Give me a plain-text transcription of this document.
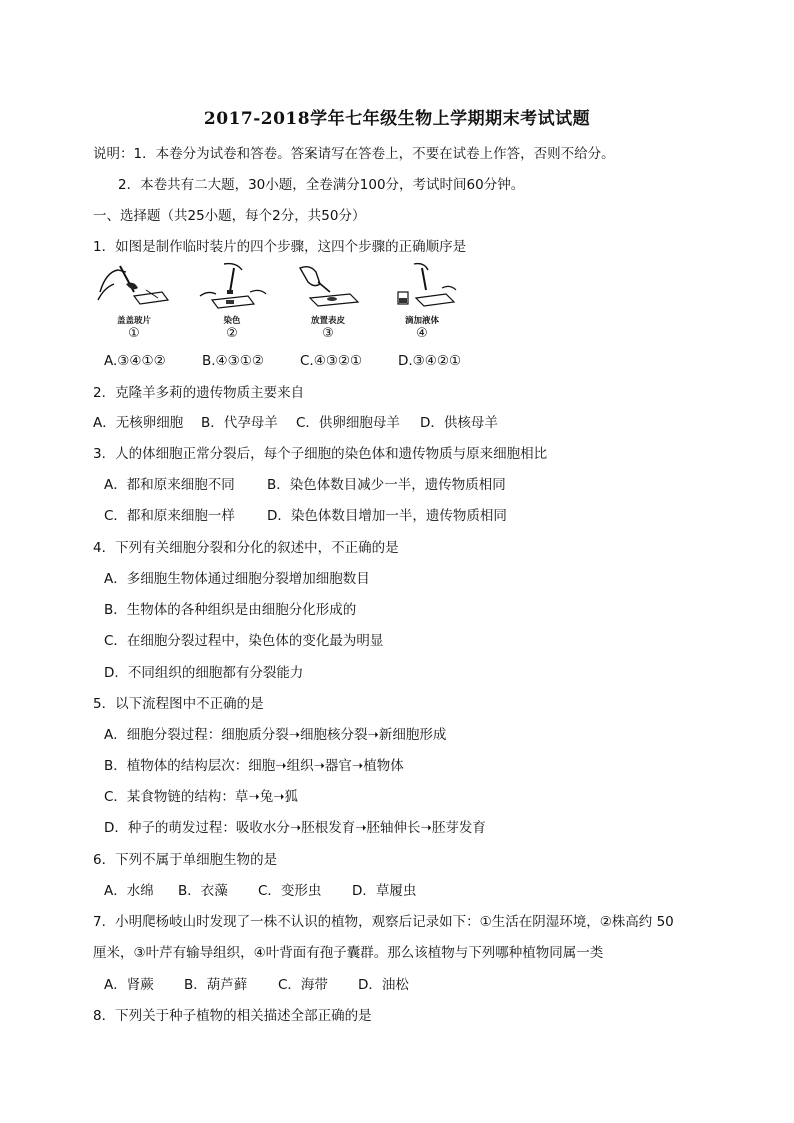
2017-2018学年七年级生物上学期期末考试试题
说明：1．本卷分为试卷和答卷。答案请写在答卷上，不要在试卷上作答，否则不给分。
2．本卷共有二大题，30小题，全卷满分100分，考试时间60分钟。
一、选择题（共25小题，每个2分，共50分）
1．如图是制作临时装片的四个步骤，这四个步骤的正确顺序是
盖盖玻片
①
染色
②
放置表皮
③
滴加液体
④
A.③④①②	B.④③①②	C.④③②①	D.③④②①
2．克隆羊多莉的遗传物质主要来自
A．无核卵细胞 B．代孕母羊 C．供卵细胞母羊 D．供核母羊
3．人的体细胞正常分裂后，每个子细胞的染色体和遗传物质与原来细胞相比
A．都和原来细胞不同 B．染色体数目减少一半，遗传物质相同
C．都和原来细胞一样 D．染色体数目增加一半，遗传物质相同
4．下列有关细胞分裂和分化的叙述中，不正确的是
A．多细胞生物体通过细胞分裂增加细胞数目
B．生物体的各种组织是由细胞分化形成的
C．在细胞分裂过程中，染色体的变化最为明显
D．不同组织的细胞都有分裂能力
5．以下流程图中不正确的是
A．细胞分裂过程：细胞质分裂➝细胞核分裂➝新细胞形成
B．植物体的结构层次：细胞➝组织➝器官➝植物体
C．某食物链的结构：草➝兔➝狐
D．种子的萌发过程：吸收水分➝胚根发育➝胚轴伸长➝胚芽发育
6．下列不属于单细胞生物的是
A．水绵 B．衣藻 C．变形虫 D．草履虫
7．小明爬杨岐山时发现了一株不认识的植物，观察后记录如下：①生活在阴湿环境，②株高约 50
厘米，③叶芹有输导组织，④叶背面有孢子囊群。那么该植物与下列哪种植物同属一类
A．肾蕨 B．葫芦藓 C．海带 D．油松
8．下列关于种子植物的相关描述全部正确的是
